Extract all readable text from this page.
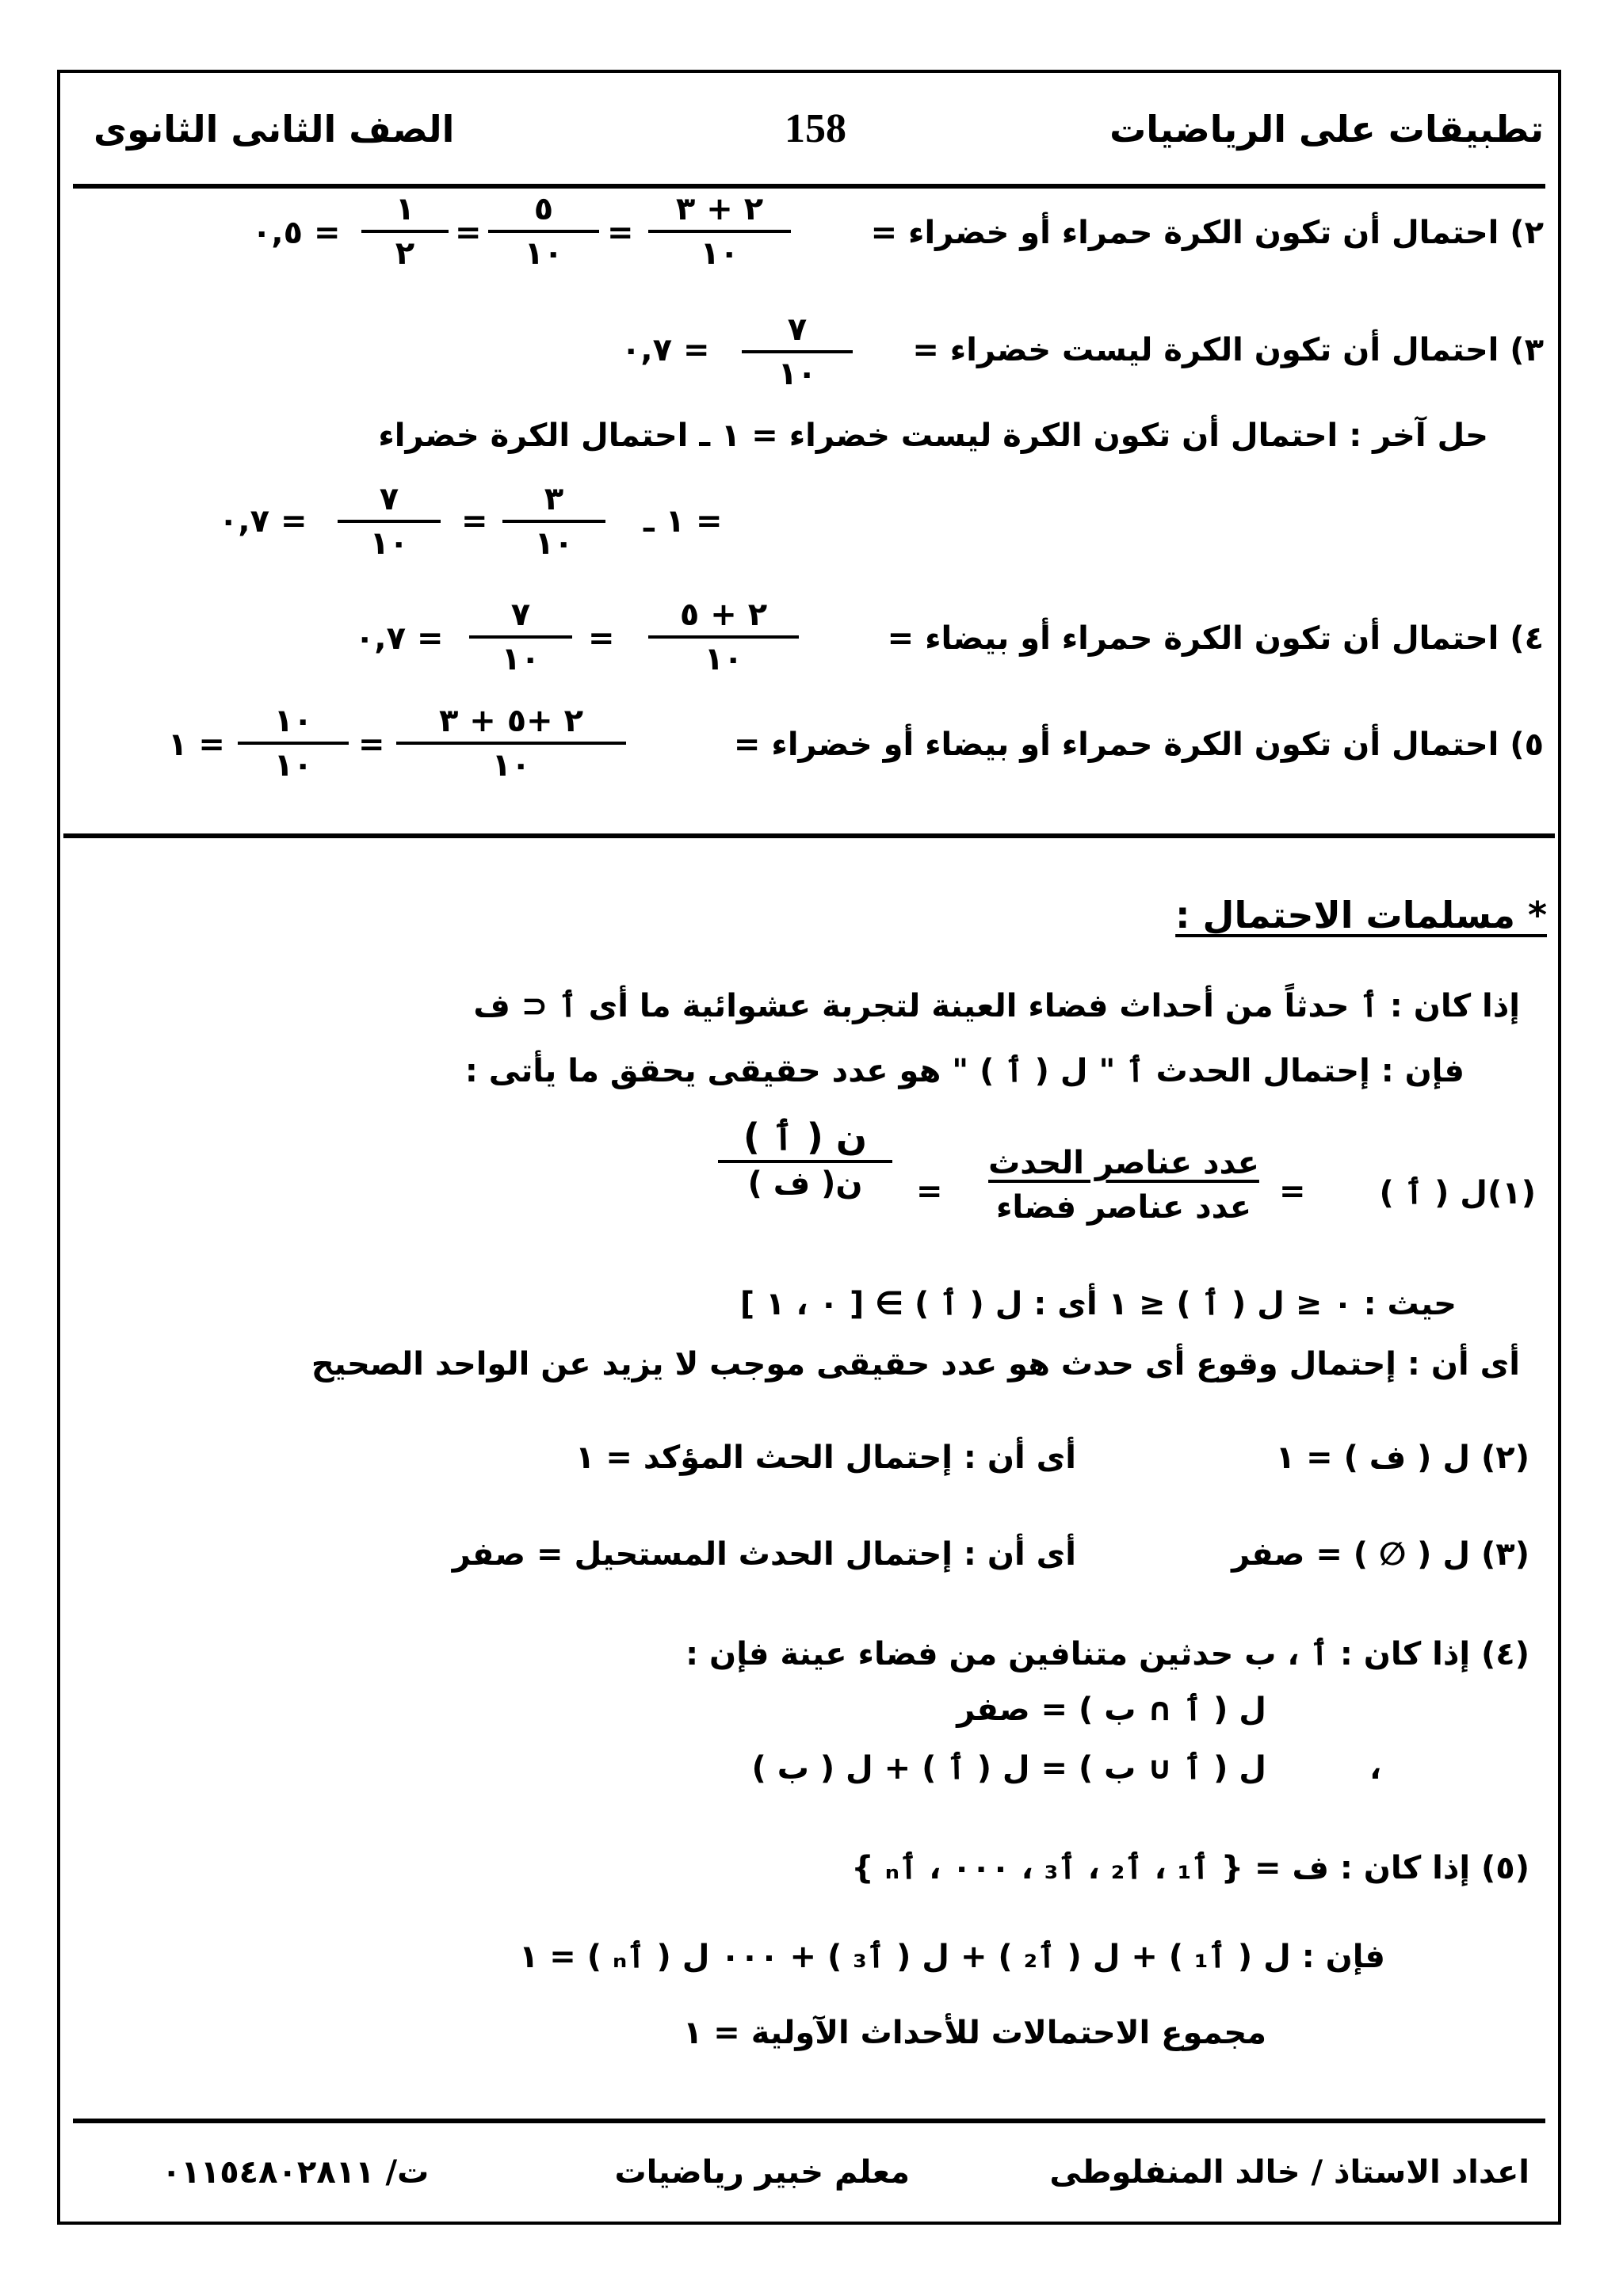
تطبيقات على الرياضيات
158
الصف الثانى الثانوى
٢) احتمال أن تكون الكرة حمراء أو خضراء =
٢ + ٣
١٠
=
٥
١٠
=
١
٢
= ٠,٥
٣) احتمال أن تكون الكرة ليست خضراء =
٧
١٠
= ٠,٧
حل آخر : احتمال أن تكون الكرة ليست خضراء = ١ ـ احتمال الكرة خضراء
= ١ ـ
٣
١٠
=
٧
١٠
= ٠,٧
٤) احتمال أن تكون الكرة حمراء أو بيضاء =
٢ + ٥
١٠
=
٧
١٠
= ٠,٧
٥) احتمال أن تكون الكرة حمراء أو بيضاء أو خضراء =
٢ +٥ + ٣
١٠
=
١٠
١٠
= ١
* مسلمات الاحتمال :
إذا كان : ٲ حدثاً من أحداث فضاء العينة لتجربة عشوائية ما أى ٲ ⊂ ف
فإن : إحتمال الحدث ٲ " ل ( ٲ ) " هو عدد حقيقى يحقق ما يأتى :
(١)ل ( ٲ )
=
عدد عناصر الحدث
عدد عناصر فضاء
=
ن ( ٲ )
ن( ف )
حيث : ٠ ≤ ل ( ٲ ) ≤ ١ أى : ل ( ٲ ) ∋ [ ٠ ، ١ ]
أى أن : إحتمال وقوع أى حدث هو عدد حقيقى موجب لا يزيد عن الواحد الصحيح
(٢) ل ( ف ) = ١
أى أن : إحتمال الحث المؤكد = ١
(٣) ل ( ∅ ) = صفر
أى أن : إحتمال الحدث المستحيل = صفر
(٤) إذا كان : ٲ ، ب حدثين متنافين من فضاء عينة فإن :
ل ( ٲ ∩ ب ) = صفر
،
ل ( ٲ ∪ ب ) = ل ( ٲ ) + ل ( ب )
(٥) إذا كان : ف = { ٲ₁ ، ٲ₂ ، ٲ₃ ، ٠٠٠ ، ٲₙ }
فإن : ل ( ٲ₁ ) + ل ( ٲ₂ ) + ل ( ٲ₃ ) + ٠٠٠ ل ( ٲₙ ) = ١
مجموع الاحتمالات للأحداث الآولية = ١
اعداد الاستاذ / خالد المنفلوطى
معلم خبير رياضيات
ت/ ٠١١٥٤٨٠٢٨١١
